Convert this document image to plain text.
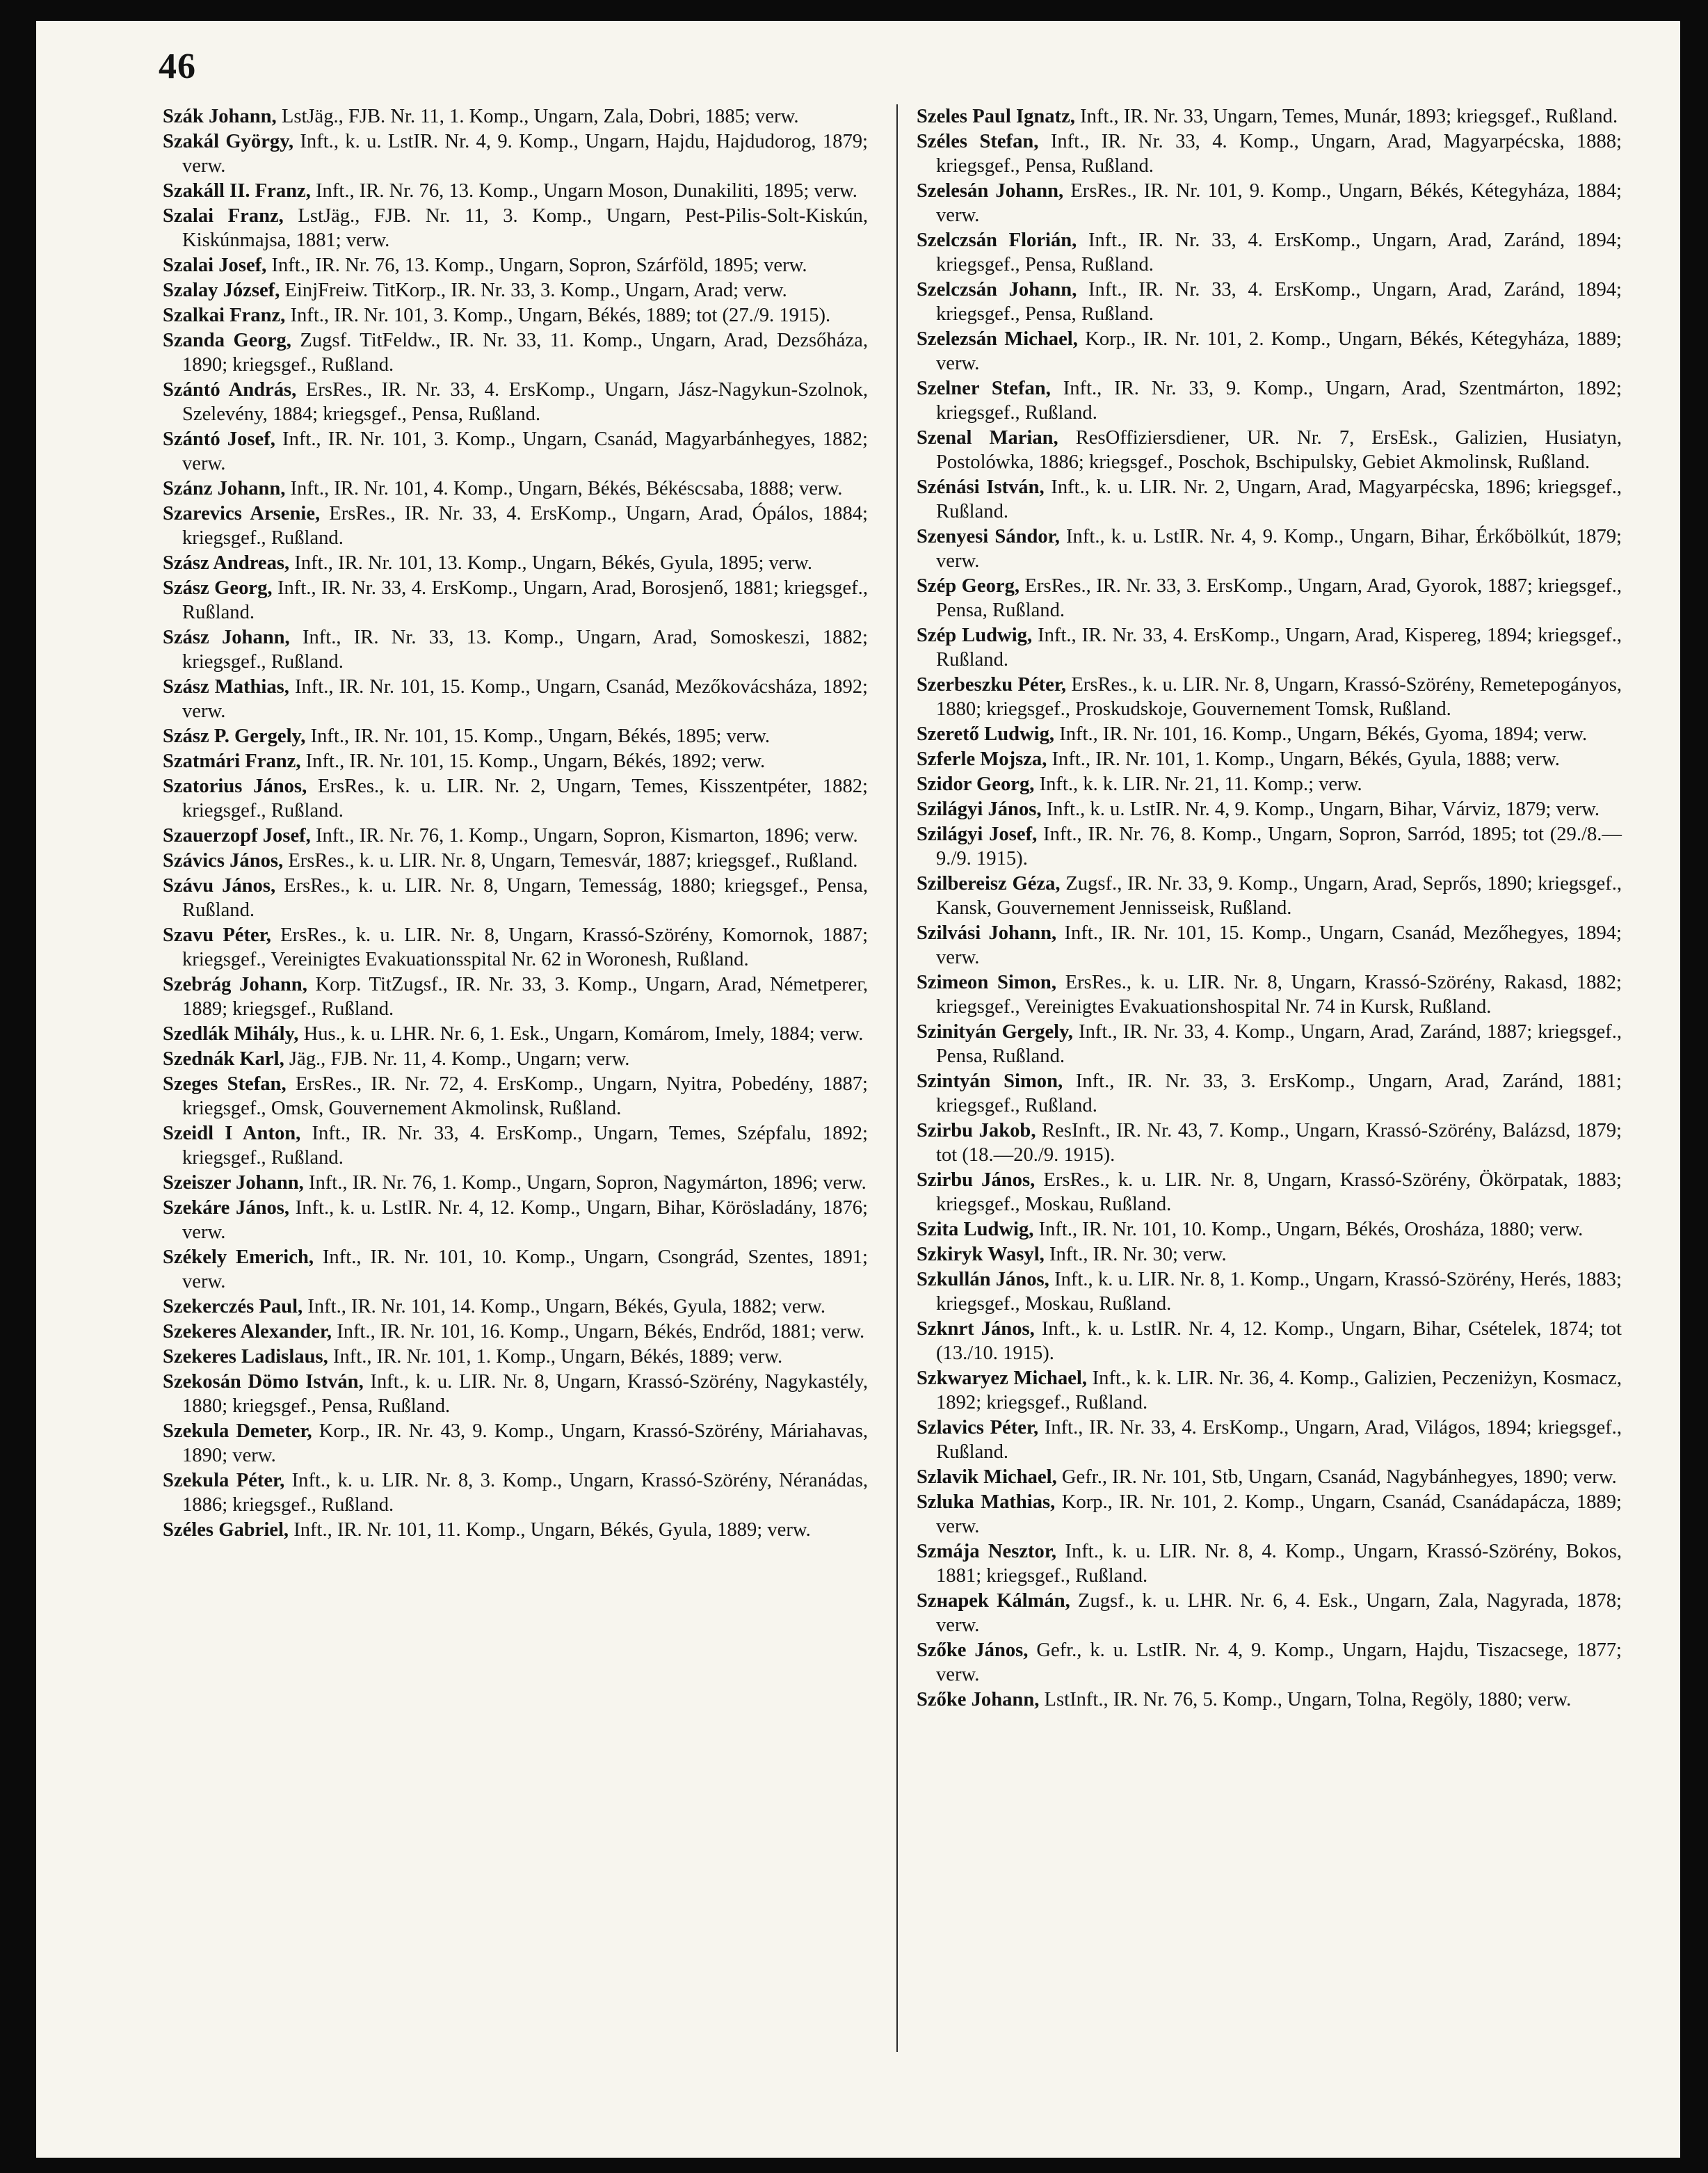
46

Szák Johann, LstJäg., FJB. Nr. 11, 1. Komp., Ungarn, Zala, Dobri, 1885; verw.

Szakál György, Inft., k. u. LstIR. Nr. 4, 9. Komp., Ungarn, Hajdu, Hajdudorog, 1879; verw.

Szakáll II. Franz, Inft., IR. Nr. 76, 13. Komp., Ungarn Moson, Dunakiliti, 1895; verw.

Szalai Franz, LstJäg., FJB. Nr. 11, 3. Komp., Ungarn, Pest-Pilis-Solt-Kiskún, Kiskúnmajsa, 1881; verw.

Szalai Josef, Inft., IR. Nr. 76, 13. Komp., Ungarn, Sopron, Szárföld, 1895; verw.

Szalay József, EinjFreiw. TitKorp., IR. Nr. 33, 3. Komp., Ungarn, Arad; verw.

Szalkai Franz, Inft., IR. Nr. 101, 3. Komp., Ungarn, Békés, 1889; tot (27./9. 1915).

Szanda Georg, Zugsf. TitFeldw., IR. Nr. 33, 11. Komp., Ungarn, Arad, Dezsőháza, 1890; kriegsgef., Rußland.

Szántó András, ErsRes., IR. Nr. 33, 4. ErsKomp., Ungarn, Jász-Nagykun-Szolnok, Szelevény, 1884; kriegsgef., Pensa, Rußland.

Szántó Josef, Inft., IR. Nr. 101, 3. Komp., Ungarn, Csanád, Magyarbánhegyes, 1882; verw.

Szánz Johann, Inft., IR. Nr. 101, 4. Komp., Ungarn, Békés, Békéscsaba, 1888; verw.

Szarevics Arsenie, ErsRes., IR. Nr. 33, 4. ErsKomp., Ungarn, Arad, Ópálos, 1884; kriegsgef., Rußland.

Szász Andreas, Inft., IR. Nr. 101, 13. Komp., Ungarn, Békés, Gyula, 1895; verw.

Szász Georg, Inft., IR. Nr. 33, 4. ErsKomp., Ungarn, Arad, Borosjenő, 1881; kriegsgef., Rußland.

Szász Johann, Inft., IR. Nr. 33, 13. Komp., Ungarn, Arad, Somoskeszi, 1882; kriegsgef., Rußland.

Szász Mathias, Inft., IR. Nr. 101, 15. Komp., Ungarn, Csanád, Mezőkovácsháza, 1892; verw.

Szász P. Gergely, Inft., IR. Nr. 101, 15. Komp., Ungarn, Békés, 1895; verw.

Szatmári Franz, Inft., IR. Nr. 101, 15. Komp., Ungarn, Békés, 1892; verw.

Szatorius János, ErsRes., k. u. LIR. Nr. 2, Ungarn, Temes, Kisszentpéter, 1882; kriegsgef., Rußland.

Szauerzopf Josef, Inft., IR. Nr. 76, 1. Komp., Ungarn, Sopron, Kismarton, 1896; verw.

Szávics János, ErsRes., k. u. LIR. Nr. 8, Ungarn, Temesvár, 1887; kriegsgef., Rußland.

Szávu János, ErsRes., k. u. LIR. Nr. 8, Ungarn, Temesság, 1880; kriegsgef., Pensa, Rußland.

Szavu Péter, ErsRes., k. u. LIR. Nr. 8, Ungarn, Krassó-Szörény, Komornok, 1887; kriegsgef., Vereinigtes Evakuationsspital Nr. 62 in Woronesh, Rußland.

Szebrág Johann, Korp. TitZugsf., IR. Nr. 33, 3. Komp., Ungarn, Arad, Németperег, 1889; kriegsgef., Rußland.

Szedlák Mihály, Hus., k. u. LHR. Nr. 6, 1. Esk., Ungarn, Komárom, Imely, 1884; verw.

Szednák Karl, Jäg., FJB. Nr. 11, 4. Komp., Ungarn; verw.

Szeges Stefan, ErsRes., IR. Nr. 72, 4. ErsKomp., Ungarn, Nyitra, Pobedény, 1887; kriegsgef., Omsk, Gouvernement Akmolinsk, Rußland.

Szeidl I Anton, Inft., IR. Nr. 33, 4. ErsKomp., Ungarn, Temes, Szépfalu, 1892; kriegsgef., Rußland.

Szeiszer Johann, Inft., IR. Nr. 76, 1. Komp., Ungarn, Sopron, Nagymárton, 1896; verw.

Szekáre János, Inft., k. u. LstIR. Nr. 4, 12. Komp., Ungarn, Bihar, Körösladány, 1876; verw.

Székely Emerich, Inft., IR. Nr. 101, 10. Komp., Ungarn, Csongrád, Szentes, 1891; verw.

Szekerczés Paul, Inft., IR. Nr. 101, 14. Komp., Ungarn, Békés, Gyula, 1882; verw.

Szekeres Alexander, Inft., IR. Nr. 101, 16. Komp., Ungarn, Békés, Endrőd, 1881; verw.

Szekeres Ladislaus, Inft., IR. Nr. 101, 1. Komp., Ungarn, Békés, 1889; verw.

Szekosán Dömo István, Inft., k. u. LIR. Nr. 8, Ungarn, Krassó-Szörény, Nagykastély, 1880; kriegsgef., Pensa, Rußland.

Szekula Demeter, Korp., IR. Nr. 43, 9. Komp., Ungarn, Krassó-Szörény, Máriahavas, 1890; verw.

Szekula Péter, Inft., k. u. LIR. Nr. 8, 3. Komp., Ungarn, Krassó-Szörény, Néranádas, 1886; kriegsgef., Rußland.

Széles Gabriel, Inft., IR. Nr. 101, 11. Komp., Ungarn, Békés, Gyula, 1889; verw.

Szeles Paul Ignatz, Inft., IR. Nr. 33, Ungarn, Temes, Munár, 1893; kriegsgef., Rußland.

Széles Stefan, Inft., IR. Nr. 33, 4. Komp., Ungarn, Arad, Magyarpécska, 1888; kriegsgef., Pensa, Rußland.

Szelesán Johann, ErsRes., IR. Nr. 101, 9. Komp., Ungarn, Békés, Kétegyháza, 1884; verw.

Szelczsán Florián, Inft., IR. Nr. 33, 4. ErsKomp., Ungarn, Arad, Zaránd, 1894; kriegsgef., Pensa, Rußland.

Szelczsán Johann, Inft., IR. Nr. 33, 4. ErsKomp., Ungarn, Arad, Zaránd, 1894; kriegsgef., Pensa, Rußland.

Szelezsán Michael, Korp., IR. Nr. 101, 2. Komp., Ungarn, Békés, Kétegyháza, 1889; verw.

Szelner Stefan, Inft., IR. Nr. 33, 9. Komp., Ungarn, Arad, Szentmárton, 1892; kriegsgef., Rußland.

Szenal Marian, ResOffiziersdiener, UR. Nr. 7, ErsEsk., Galizien, Husiatyn, Postolówka, 1886; kriegsgef., Poschok, Bschipulsky, Gebiet Akmolinsk, Rußland.

Szénási István, Inft., k. u. LIR. Nr. 2, Ungarn, Arad, Magyarpécska, 1896; kriegsgef., Rußland.

Szenyesi Sándor, Inft., k. u. LstIR. Nr. 4, 9. Komp., Ungarn, Bihar, Érkőbölkút, 1879; verw.

Szép Georg, ErsRes., IR. Nr. 33, 3. ErsKomp., Ungarn, Arad, Gyorok, 1887; kriegsgef., Pensa, Rußland.

Szép Ludwig, Inft., IR. Nr. 33, 4. ErsKomp., Ungarn, Arad, Kispereg, 1894; kriegsgef., Rußland.

Szerbeszku Péter, ErsRes., k. u. LIR. Nr. 8, Ungarn, Krassó-Szörény, Remetepogányos, 1880; kriegsgef., Proskudskoje, Gouvernement Tomsk, Rußland.

Szerető Ludwig, Inft., IR. Nr. 101, 16. Komp., Ungarn, Békés, Gyoma, 1894; verw.

Szferle Mojsza, Inft., IR. Nr. 101, 1. Komp., Ungarn, Békés, Gyula, 1888; verw.

Szidor Georg, Inft., k. k. LIR. Nr. 21, 11. Komp.; verw.

Szilágyi János, Inft., k. u. LstIR. Nr. 4, 9. Komp., Ungarn, Bihar, Várviz, 1879; verw.

Szilágyi Josef, Inft., IR. Nr. 76, 8. Komp., Ungarn, Sopron, Sarród, 1895; tot (29./8.—9./9. 1915).

Szilbereisz Géza, Zugsf., IR. Nr. 33, 9. Komp., Ungarn, Arad, Seprős, 1890; kriegsgef., Kansk, Gouvernement Jennisseisk, Rußland.

Szilvási Johann, Inft., IR. Nr. 101, 15. Komp., Ungarn, Csanád, Mezőhegyes, 1894; verw.

Szimeon Simon, ErsRes., k. u. LIR. Nr. 8, Ungarn, Krassó-Szörény, Rakasd, 1882; kriegsgef., Vereinigtes Evakuationshospital Nr. 74 in Kursk, Rußland.

Szinityán Gergely, Inft., IR. Nr. 33, 4. Komp., Ungarn, Arad, Zaránd, 1887; kriegsgef., Pensa, Rußland.

Szintyán Simon, Inft., IR. Nr. 33, 3. ErsKomp., Ungarn, Arad, Zaránd, 1881; kriegsgef., Rußland.

Szirbu Jakob, ResInft., IR. Nr. 43, 7. Komp., Ungarn, Krassó-Szörény, Balázsd, 1879; tot (18.—20./9. 1915).

Szirbu János, ErsRes., k. u. LIR. Nr. 8, Ungarn, Krassó-Szörény, Ökörpatak, 1883; kriegsgef., Moskau, Rußland.

Szita Ludwig, Inft., IR. Nr. 101, 10. Komp., Ungarn, Békés, Orosháza, 1880; verw.

Szkiryk Wasyl, Inft., IR. Nr. 30; verw.

Szkullán János, Inft., k. u. LIR. Nr. 8, 1. Komp., Ungarn, Krassó-Szörény, Herés, 1883; kriegsgef., Moskau, Rußland.

Szknrt János, Inft., k. u. LstIR. Nr. 4, 12. Komp., Ungarn, Bihar, Csételek, 1874; tot (13./10. 1915).

Szkwaryez Michael, Inft., k. k. LIR. Nr. 36, 4. Komp., Galizien, Peczeniżyn, Kosmacz, 1892; kriegsgef., Rußland.

Szlavics Péter, Inft., IR. Nr. 33, 4. ErsKomp., Ungarn, Arad, Világos, 1894; kriegsgef., Rußland.

Szlavik Michael, Gefr., IR. Nr. 101, Stb, Ungarn, Csanád, Nagybánhegyes, 1890; verw.

Szluka Mathias, Korp., IR. Nr. 101, 2. Komp., Ungarn, Csanád, Csanádapácza, 1889; verw.

Szmája Nesztor, Inft., k. u. LIR. Nr. 8, 4. Komp., Ungarn, Krassó-Szörény, Bokos, 1881; kriegsgef., Rußland.

Szнapek Kálmán, Zugsf., k. u. LHR. Nr. 6, 4. Esk., Ungarn, Zala, Nagyrada, 1878; verw.

Szőke János, Gefr., k. u. LstIR. Nr. 4, 9. Komp., Ungarn, Hajdu, Tiszacsege, 1877; verw.

Szőke Johann, LstInft., IR. Nr. 76, 5. Komp., Ungarn, Tolna, Regöly, 1880; verw.
